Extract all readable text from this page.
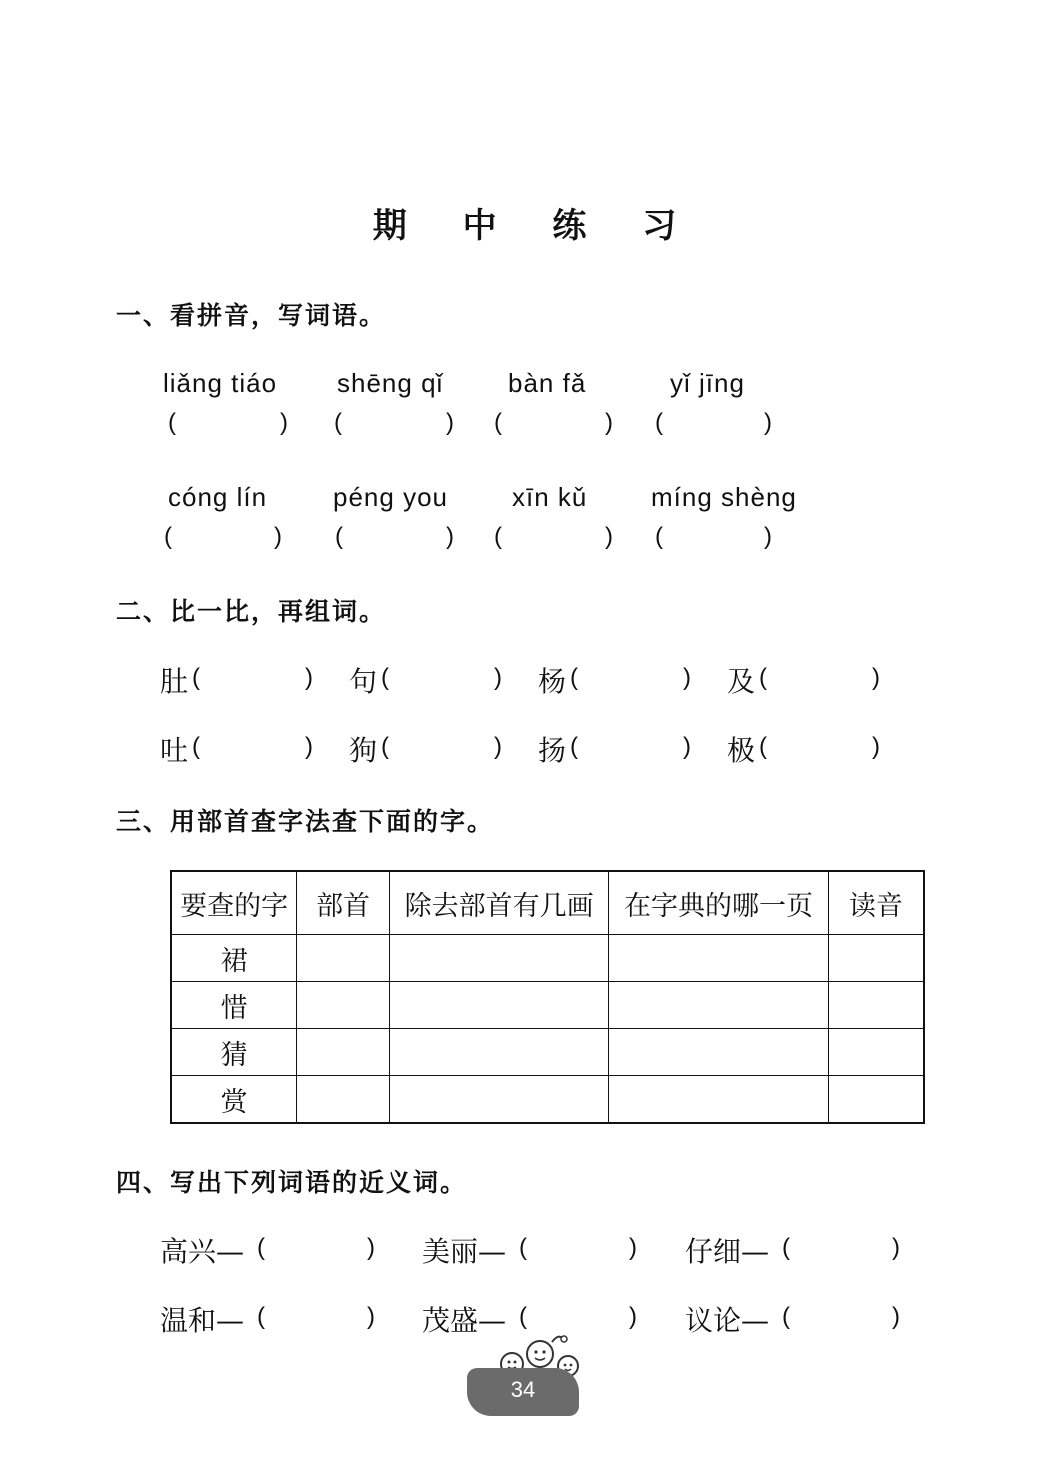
期 中 练 习
一、看拼音，写词语。
liǎng tiáo shēng qǐ bàn fǎ	yǐ jīng
(	) (	) (	) (	)
cóng lín	péng you xīn kǔ míng shèng
(	) (	) (	) (	)
二、比一比，再组词。
肚 (	) 句 (	) 杨 (	) 及 (	)
吐 (	) 狗 (	) 扬 (	) 极 (	)
三、用部首查字法查下面的字。
要查的字	部首	除去部首有几画	在字典的哪一页	读音
裙				
惜				
猜				
赏				
四、写出下列词语的近义词。
高兴— (	) 美丽— (	) 仔细— (	)
温和— (	) 茂盛— (	) 议论— (	)
34
